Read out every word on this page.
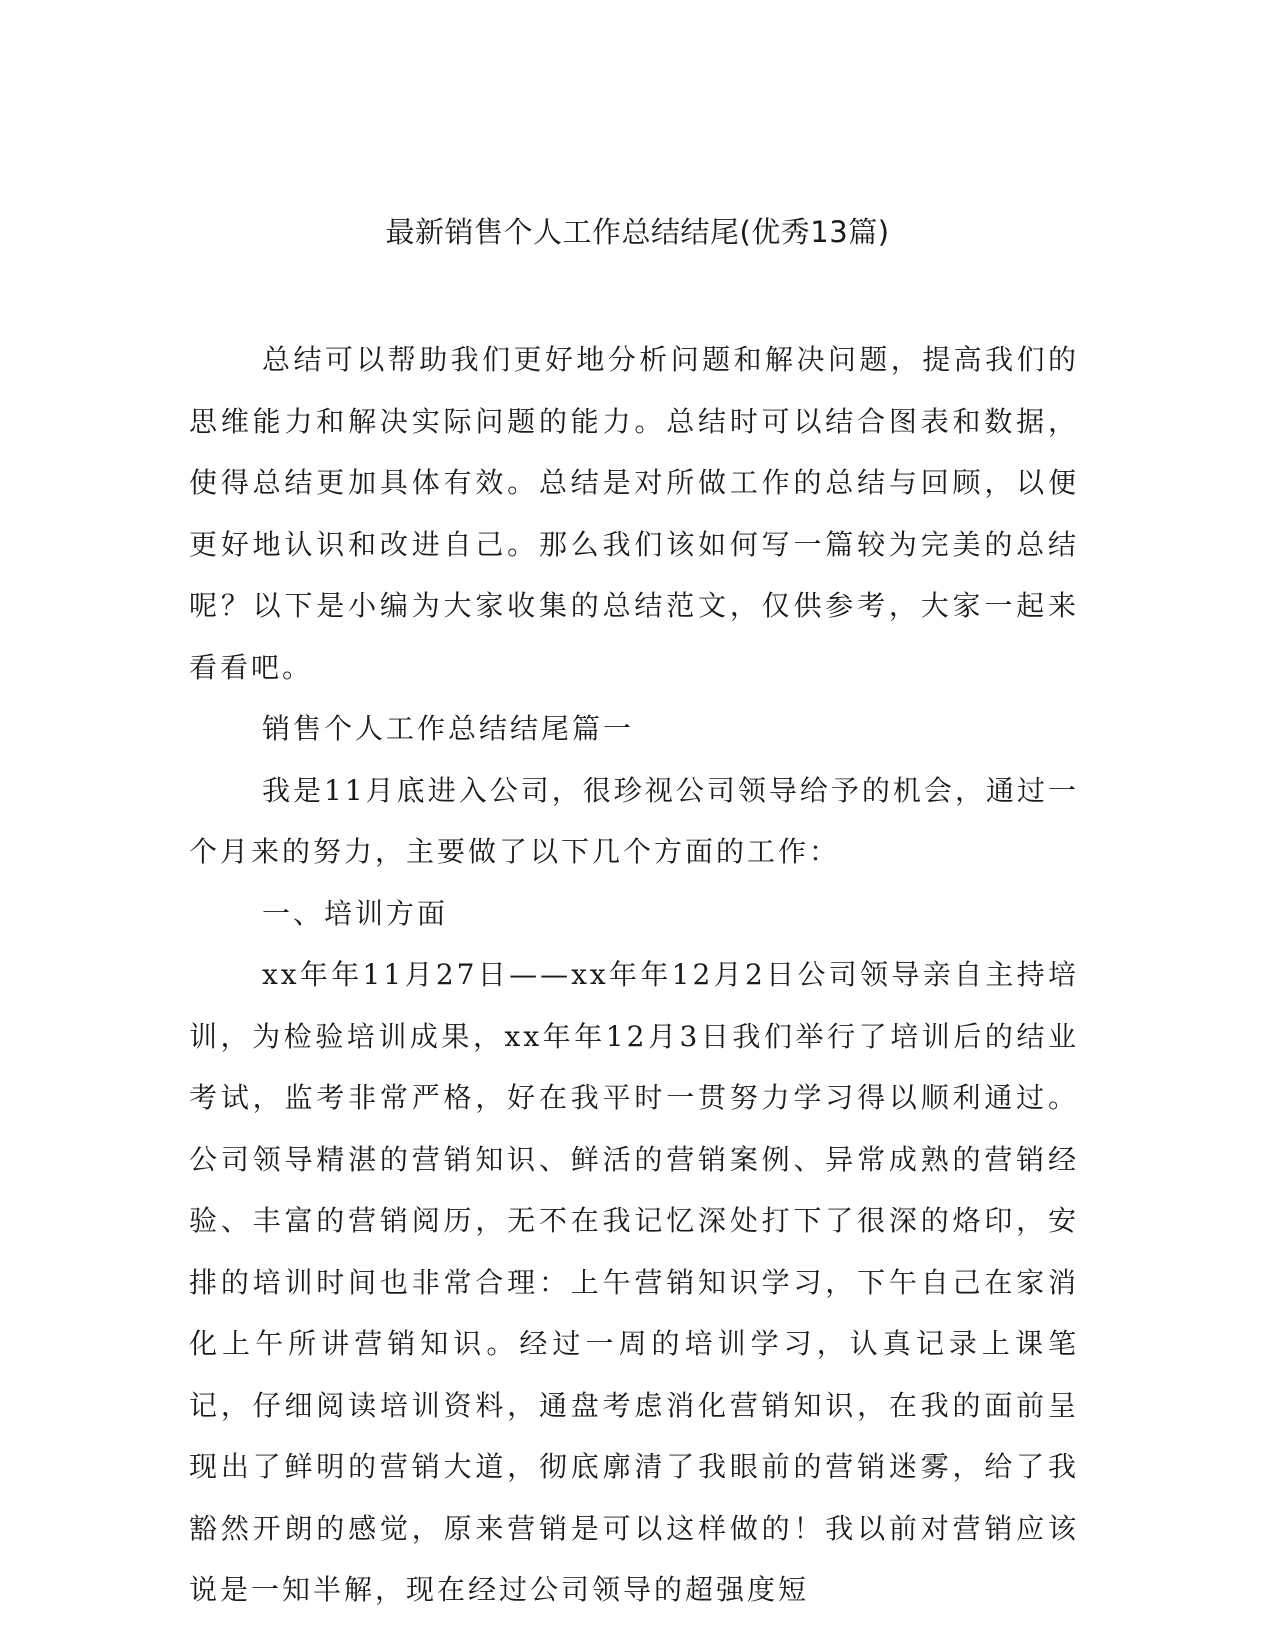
最新销售个人工作总结结尾(优秀13篇)

总结可以帮助我们更好地分析问题和解决问题，提高我们的思维能力和解决实际问题的能力。总结时可以结合图表和数据，使得总结更加具体有效。总结是对所做工作的总结与回顾，以便更好地认识和改进自己。那么我们该如何写一篇较为完美的总结呢？以下是小编为大家收集的总结范文，仅供参考，大家一起来看看吧。

销售个人工作总结结尾篇一

我是11月底进入公司，很珍视公司领导给予的机会，通过一个月来的努力，主要做了以下几个方面的工作：

一、培训方面

xx年年11月27日——xx年年12月2日公司领导亲自主持培训，为检验培训成果，xx年年12月3日我们举行了培训后的结业考试，监考非常严格，好在我平时一贯努力学习得以顺利通过。公司领导精湛的营销知识、鲜活的营销案例、异常成熟的营销经验、丰富的营销阅历，无不在我记忆深处打下了很深的烙印，安排的培训时间也非常合理：上午营销知识学习，下午自己在家消化上午所讲营销知识。经过一周的培训学习，认真记录上课笔记，仔细阅读培训资料，通盘考虑消化营销知识，在我的面前呈现出了鲜明的营销大道，彻底廓清了我眼前的营销迷雾，给了我豁然开朗的感觉，原来营销是可以这样做的！我以前对营销应该说是一知半解，现在经过公司领导的超强度短
